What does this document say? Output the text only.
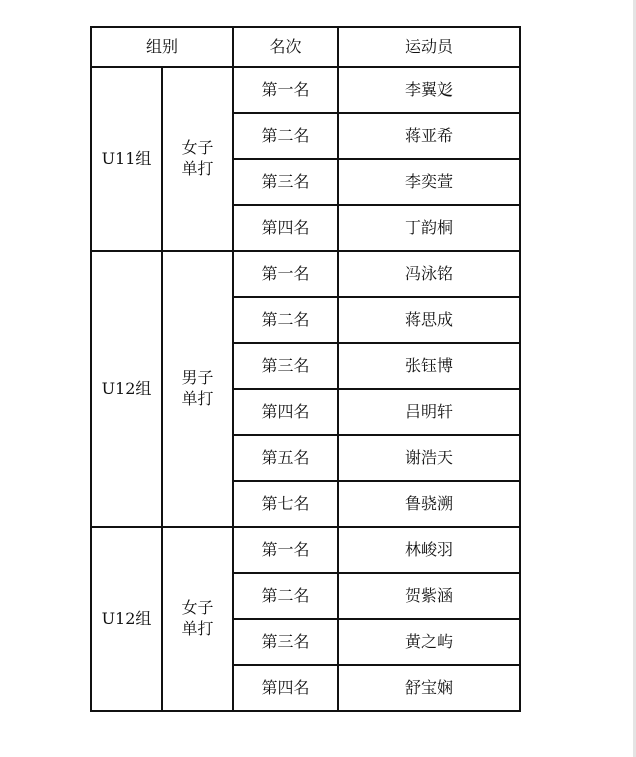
组别		名次	运动员
U11组	女子单打	第一名	李翼彣
		第二名	蒋亚希
		第三名	李奕萱
		第四名	丁韵桐
U12组	男子单打	第一名	冯泳铭
		第二名	蒋思成
		第三名	张钰博
		第四名	吕明轩
		第五名	谢浩天
		第七名	鲁骁溯
U12组	女子单打	第一名	林峻羽
		第二名	贺紫涵
		第三名	黄之屿
		第四名	舒宝娴
